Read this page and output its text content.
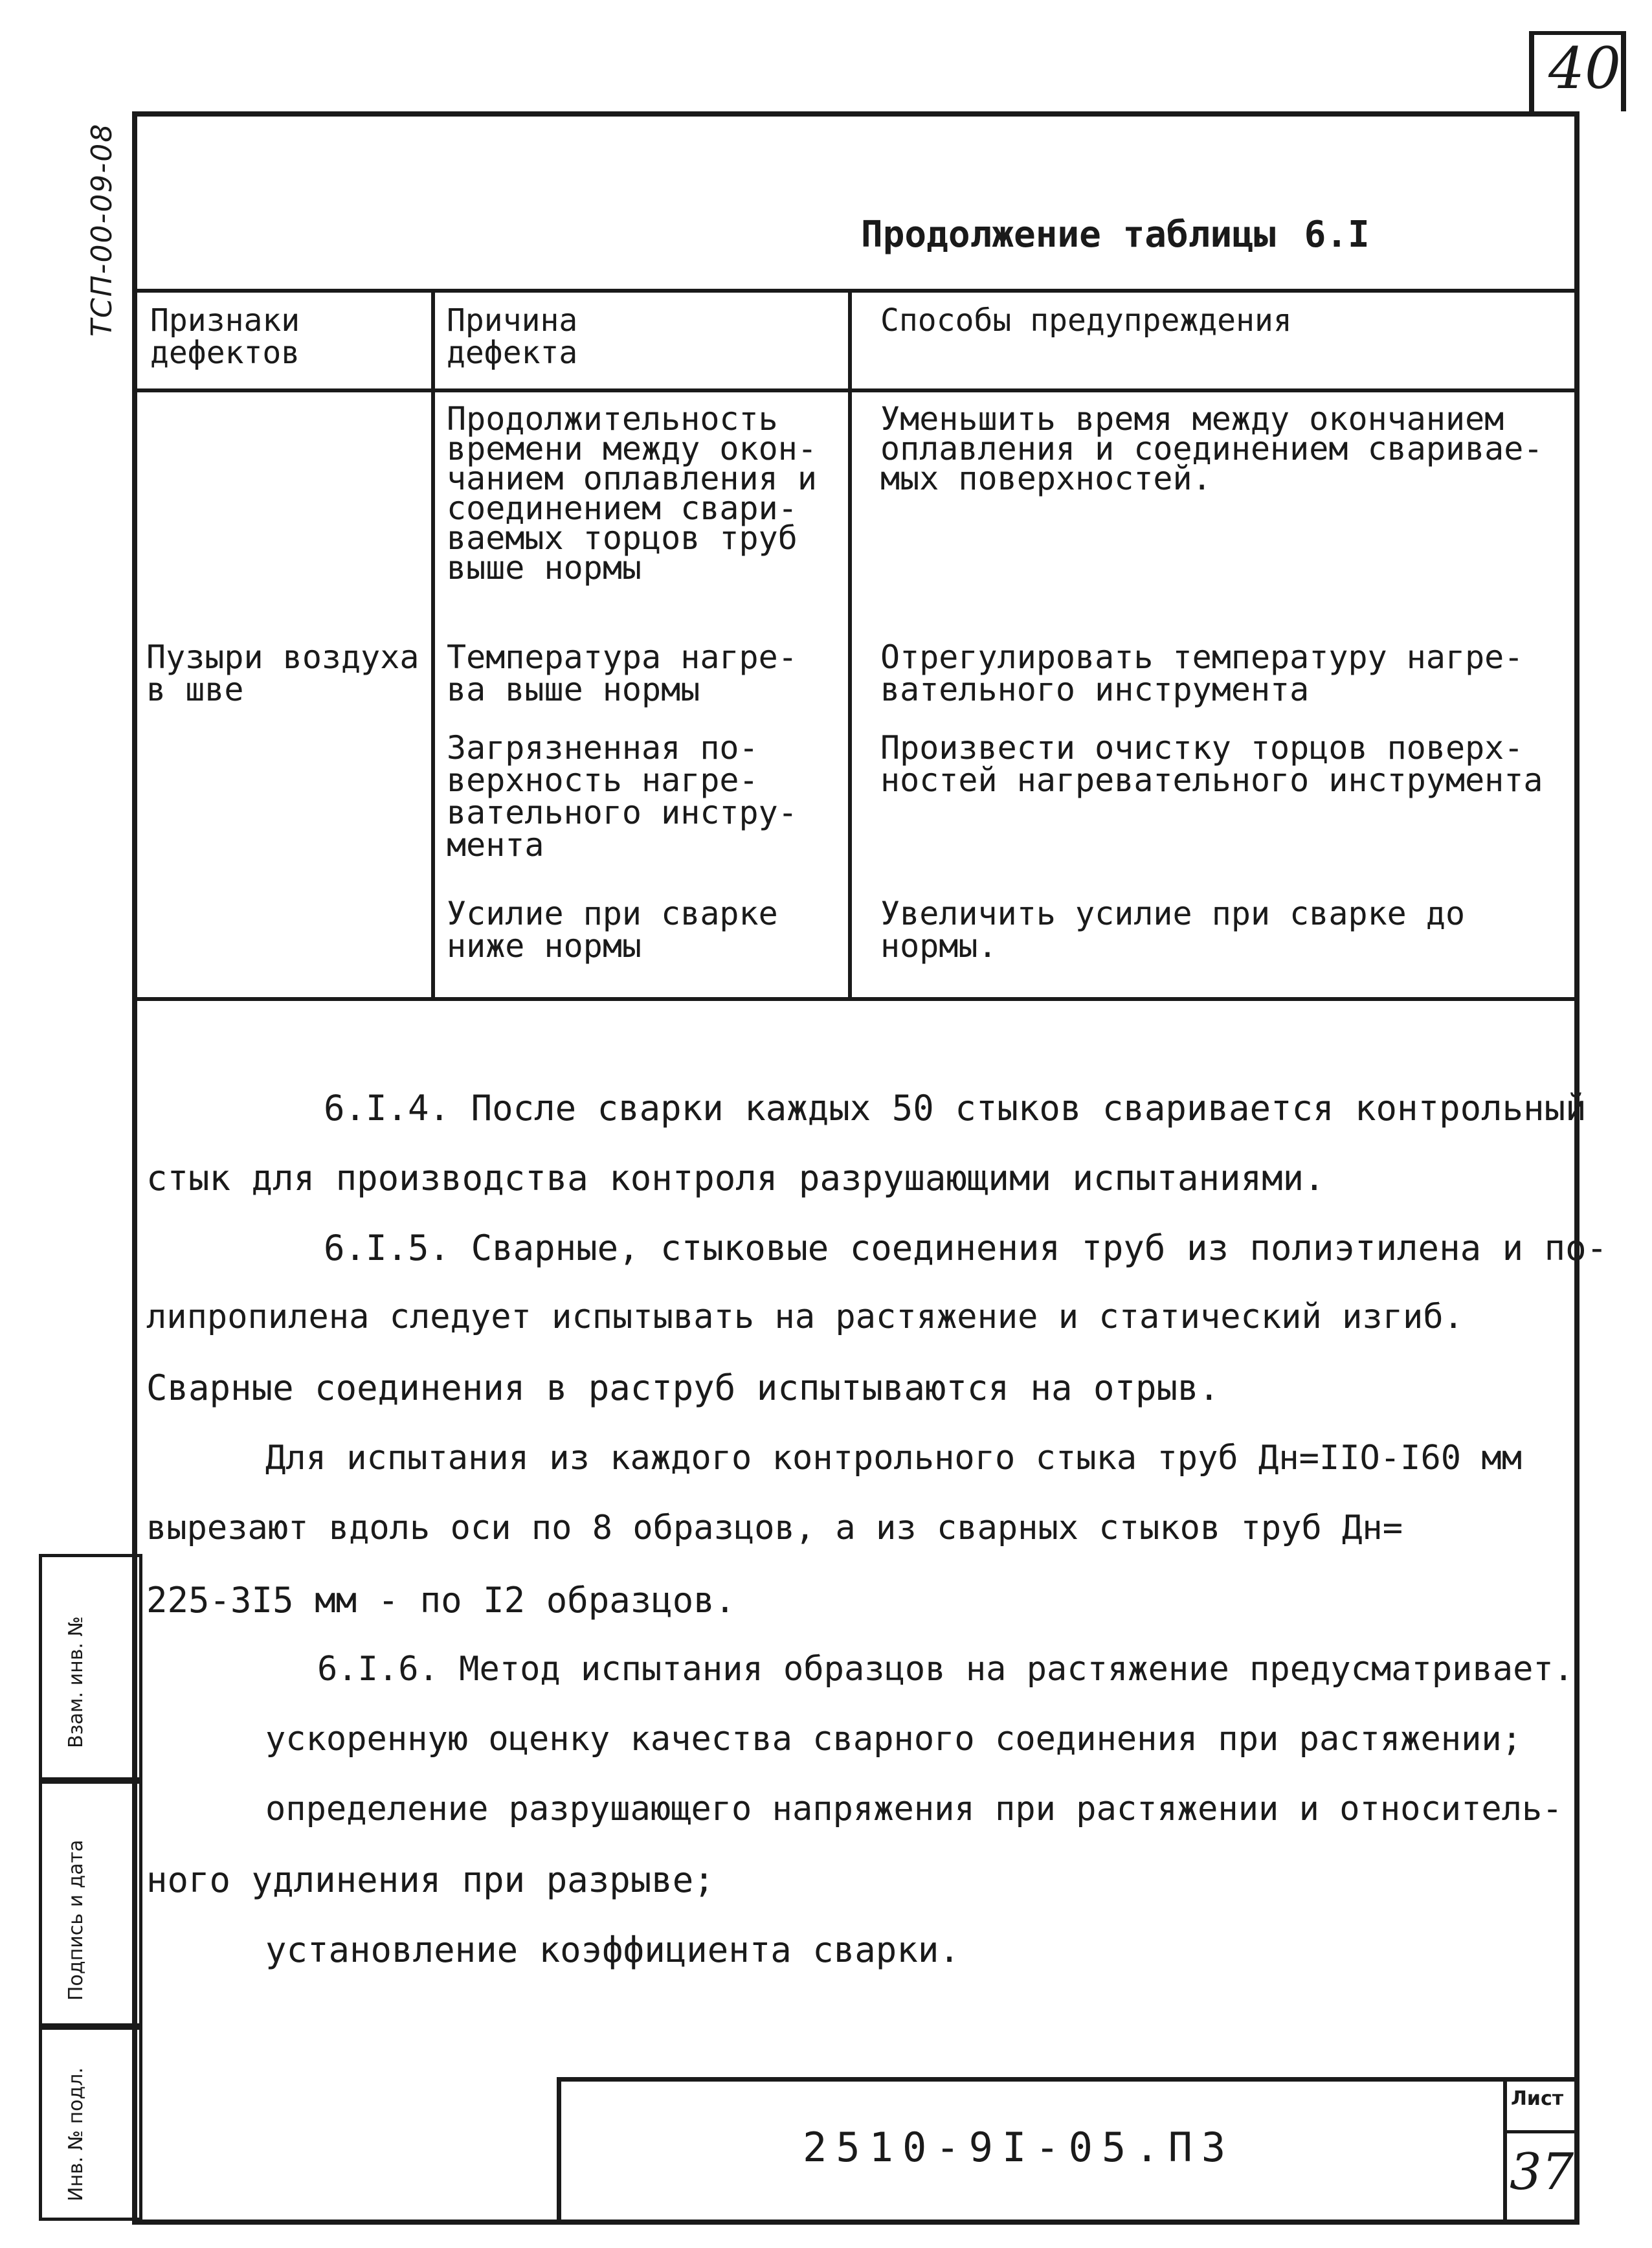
40
ТСП-00-09-08	Продолжение таблицы 6.I
Признаки
дефектов
Причина
дефекта
Способы предупреждения
Пузыри воздуха
в шве
Продолжительность
времени между окон-
чанием оплавления и
соединением свари-
ваемых торцов труб
выше нормы
Уменьшить время между окончанием
оплавления и соединением свариваe-
мых поверхностей.
Температура нагре-
ва выше нормы
Отрегулировать температуру нагре-
вательного инструмента
Загрязненная по-
верхность нагре-
вательного инстру-
мента
Произвести очистку торцов поверх-
ностей нагревательного инструмента
Усилие при сварке
ниже нормы
Увеличить усилие при сварке до
нормы.
6.I.4. После сварки каждых 50 стыков сваривается контрольный
стык для производства контроля разрушающими испытаниями.
6.I.5. Сварные, стыковые соединения труб из полиэтилена и по-
липропилена следует испытывать на растяжение и статический изгиб.
Сварные соединения в раструб испытываются на отрыв.
Для испытания из каждого контрольного стыка труб Дн=IIO-I60 мм
вырезают вдоль оси по 8 образцов, а из сварных стыков труб Дн=
225-3I5 мм - по I2 образцов.
6.I.6. Метод испытания образцов на растяжение предусматривает.
ускоренную оценку качества сварного соединения при растяжении;
определение разрушающего напряжения при растяжении и относитель-
ного удлинения при разрыве;
установление коэффициента сварки.
Взам. инв. №
Подпись и дата
Инв. № подл.	2510-9I-05.ПЗ
Лист
37
